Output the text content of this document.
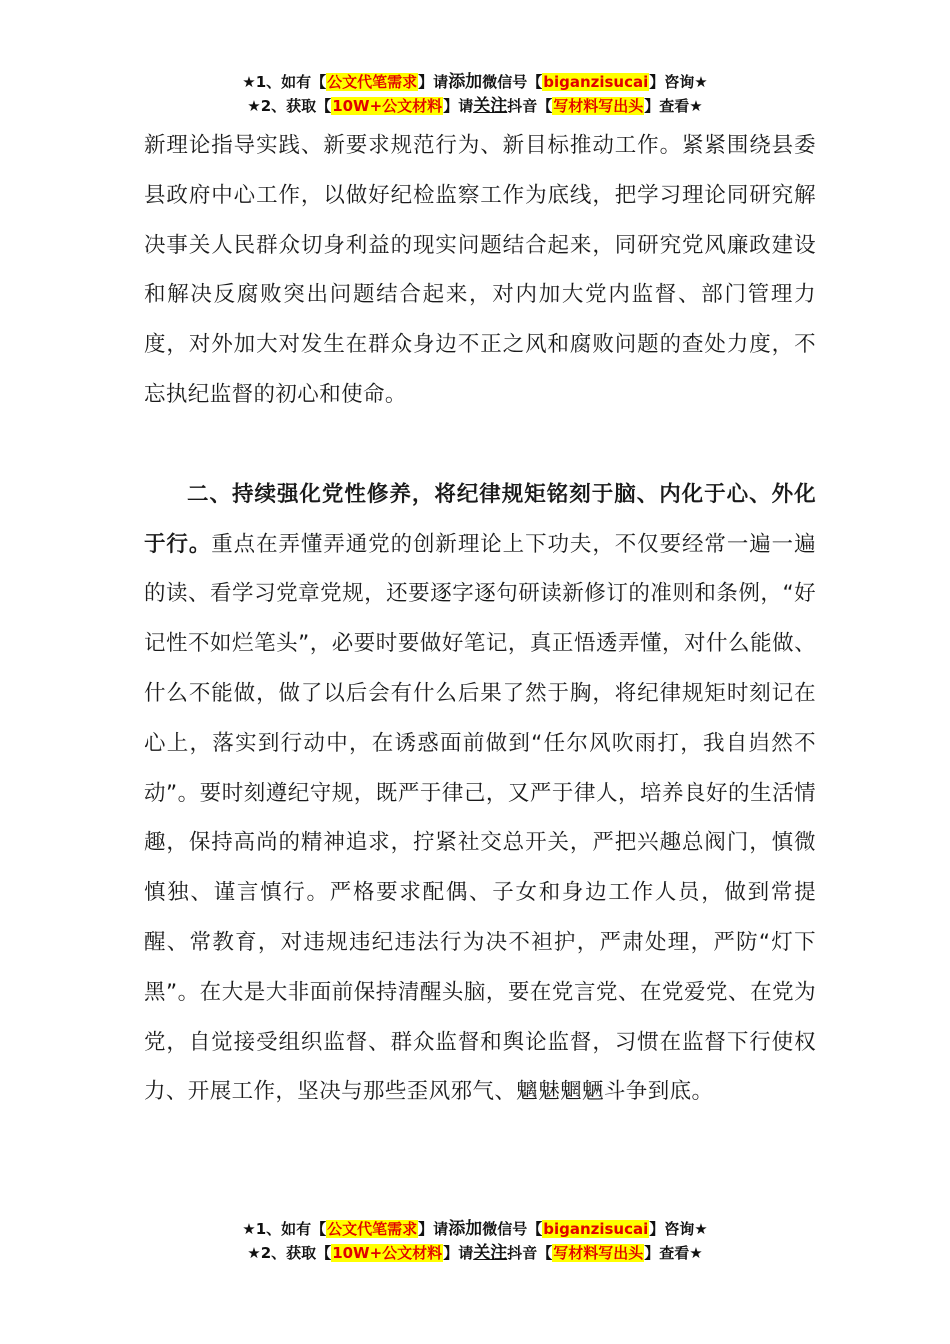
★1、如有【公文代笔需求】请添加微信号【biganzisucai】咨询★
★2、获取【10W+公文材料】请关注抖音【写材料写出头】查看★

新理论指导实践、新要求规范行为、新目标推动工作。紧紧围绕县委县政府中心工作，以做好纪检监察工作为底线，把学习理论同研究解决事关人民群众切身利益的现实问题结合起来，同研究党风廉政建设和解决反腐败突出问题结合起来，对内加大党内监督、部门管理力度，对外加大对发生在群众身边不正之风和腐败问题的查处力度，不忘执纪监督的初心和使命。

二、持续强化党性修养，将纪律规矩铭刻于脑、内化于心、外化于行。重点在弄懂弄通党的创新理论上下功夫，不仅要经常一遍一遍的读、看学习党章党规，还要逐字逐句研读新修订的准则和条例，“好记性不如烂笔头”，必要时要做好笔记，真正悟透弄懂，对什么能做、什么不能做，做了以后会有什么后果了然于胸，将纪律规矩时刻记在心上，落实到行动中，在诱惑面前做到“任尔风吹雨打，我自岿然不动”。要时刻遵纪守规，既严于律己，又严于律人，培养良好的生活情趣，保持高尚的精神追求，拧紧社交总开关，严把兴趣总阀门，慎微慎独、谨言慎行。严格要求配偶、子女和身边工作人员，做到常提醒、常教育，对违规违纪违法行为决不袒护，严肃处理，严防“灯下黑”。在大是大非面前保持清醒头脑，要在党言党、在党爱党、在党为党，自觉接受组织监督、群众监督和舆论监督，习惯在监督下行使权力、开展工作，坚决与那些歪风邪气、魑魅魍魉斗争到底。

★1、如有【公文代笔需求】请添加微信号【biganzisucai】咨询★
★2、获取【10W+公文材料】请关注抖音【写材料写出头】查看★
